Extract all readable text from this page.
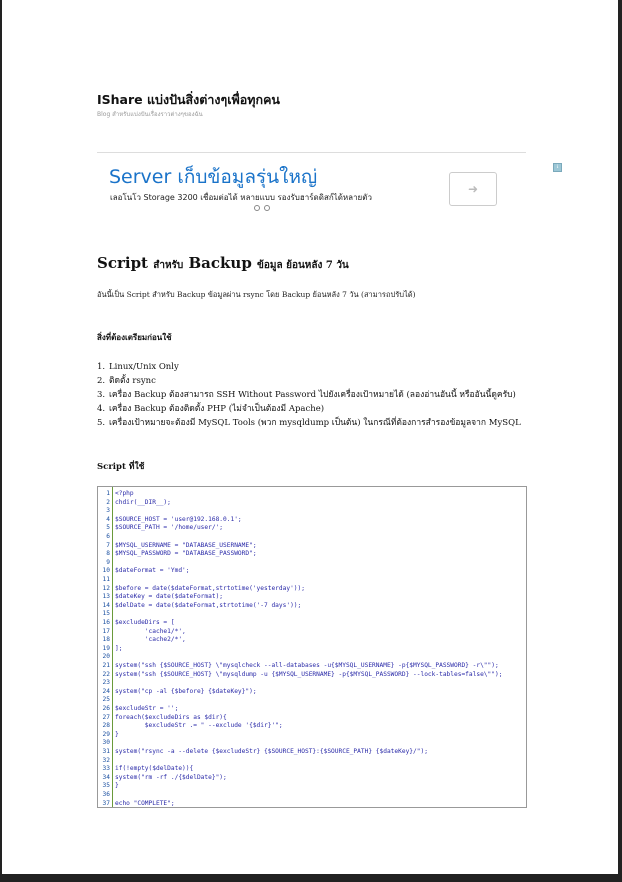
IShare แบ่งปันสิ่งต่างๆเพื่อทุกคน
Blog สำหรับแบ่งปันเรื่องราวต่างๆของฉัน
Server เก็บข้อมูลรุ่นใหญ่
เลอโนโว Storage 3200 เชื่อมต่อได้ หลายแบบ รองรับฮาร์ดดิสก์ได้หลายตัว
➜
i
Script สำหรับ Backup ข้อมูล ย้อนหลัง 7 วัน
อันนี้เป็น Script สำหรับ Backup ข้อมูลผ่าน rsync โดย Backup ย้อนหลัง 7 วัน (สามารถปรับได้)
สิ่งที่ต้องเตรียมก่อนใช้
1. Linux/Unix Only
2. ติดตั้ง rsync
3. เครื่อง Backup ต้องสามารถ SSH Without Password ไปยังเครื่องเป้าหมายได้ (ลองอ่านอันนี้ หรืออันนี้ดูครับ)
4. เครื่อง Backup ต้องติดตั้ง PHP (ไม่จำเป็นต้องมี Apache)
5. เครื่องเป้าหมายจะต้องมี MySQL Tools (พวก mysqldump เป็นต้น) ในกรณีที่ต้องการสำรองข้อมูลจาก MySQL
Script ที่ใช้
1 <?php
2 chdir(__DIR__);
3
4 $SOURCE_HOST = 'user@192.168.0.1';
5 $SOURCE_PATH = '/home/user/';
6
7 $MYSQL_USERNAME = "DATABASE_USERNAME";
8 $MYSQL_PASSWORD = "DATABASE_PASSWORD";
9
10 $dateFormat = 'Ymd';
11
12 $before = date($dateFormat,strtotime('yesterday'));
13 $dateKey = date($dateFormat);
14 $delDate = date($dateFormat,strtotime('-7 days'));
15
16 $excludeDirs = [
17        'cache1/*',
18        'cache2/*',
19 ];
20
21 system("ssh {$SOURCE_HOST} \"mysqlcheck --all-databases -u{$MYSQL_USERNAME} -p{$MYSQL_PASSWORD} -r\"");
22 system("ssh {$SOURCE_HOST} \"mysqldump -u {$MYSQL_USERNAME} -p{$MYSQL_PASSWORD} --lock-tables=false\"");
23
24 system("cp -al {$before} {$dateKey}");
25
26 $excludeStr = '';
27 foreach($excludeDirs as $dir){
28        $excludeStr .= " --exclude '{$dir}'";
29 }
30
31 system("rsync -a --delete {$excludeStr} {$SOURCE_HOST}:{$SOURCE_PATH} {$dateKey}/");
32
33 if(!empty($delDate)){
34 system("rm -rf ./{$delDate}");
35 }
36
37 echo "COMPLETE";
